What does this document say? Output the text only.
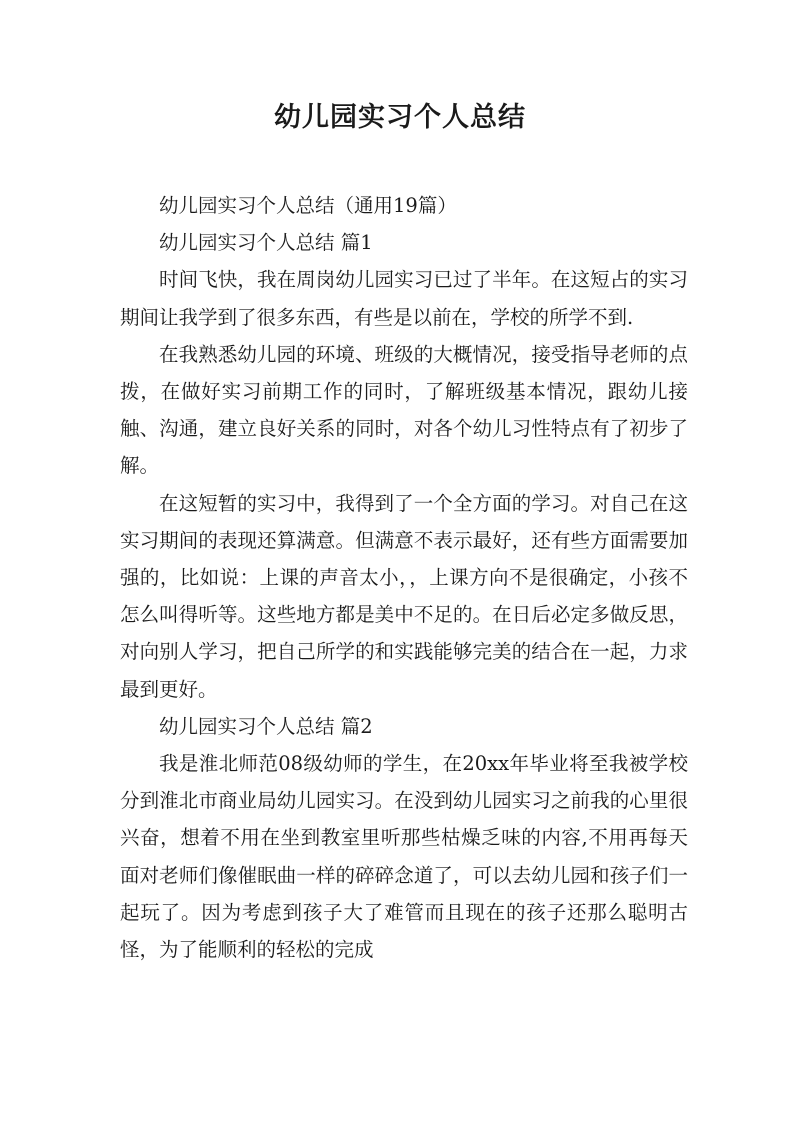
幼儿园实习个人总结

幼儿园实习个人总结（通用19篇）

幼儿园实习个人总结 篇1

时间飞快，我在周岗幼儿园实习已过了半年。在这短占的实习期间让我学到了很多东西，有些是以前在，学校的所学不到.

在我熟悉幼儿园的环境、班级的大概情况，接受指导老师的点拨，在做好实习前期工作的同时，了解班级基本情况，跟幼儿接触、沟通，建立良好关系的同时，对各个幼儿习性特点有了初步了解。

在这短暂的实习中，我得到了一个全方面的学习。对自己在这实习期间的表现还算满意。但满意不表示最好，还有些方面需要加强的，比如说：上课的声音太小，，上课方向不是很确定，小孩不怎么叫得听等。这些地方都是美中不足的。在日后必定多做反思，对向别人学习，把自己所学的和实践能够完美的结合在一起，力求最到更好。

幼儿园实习个人总结 篇2

我是淮北师范08级幼师的学生，在20xx年毕业将至我被学校分到淮北市商业局幼儿园实习。在没到幼儿园实习之前我的心里很兴奋，想着不用在坐到教室里听那些枯燥乏味的内容,不用再每天面对老师们像催眠曲一样的碎碎念道了，可以去幼儿园和孩子们一起玩了。因为考虑到孩子大了难管而且现在的孩子还那么聪明古怪，为了能顺利的轻松的完成
